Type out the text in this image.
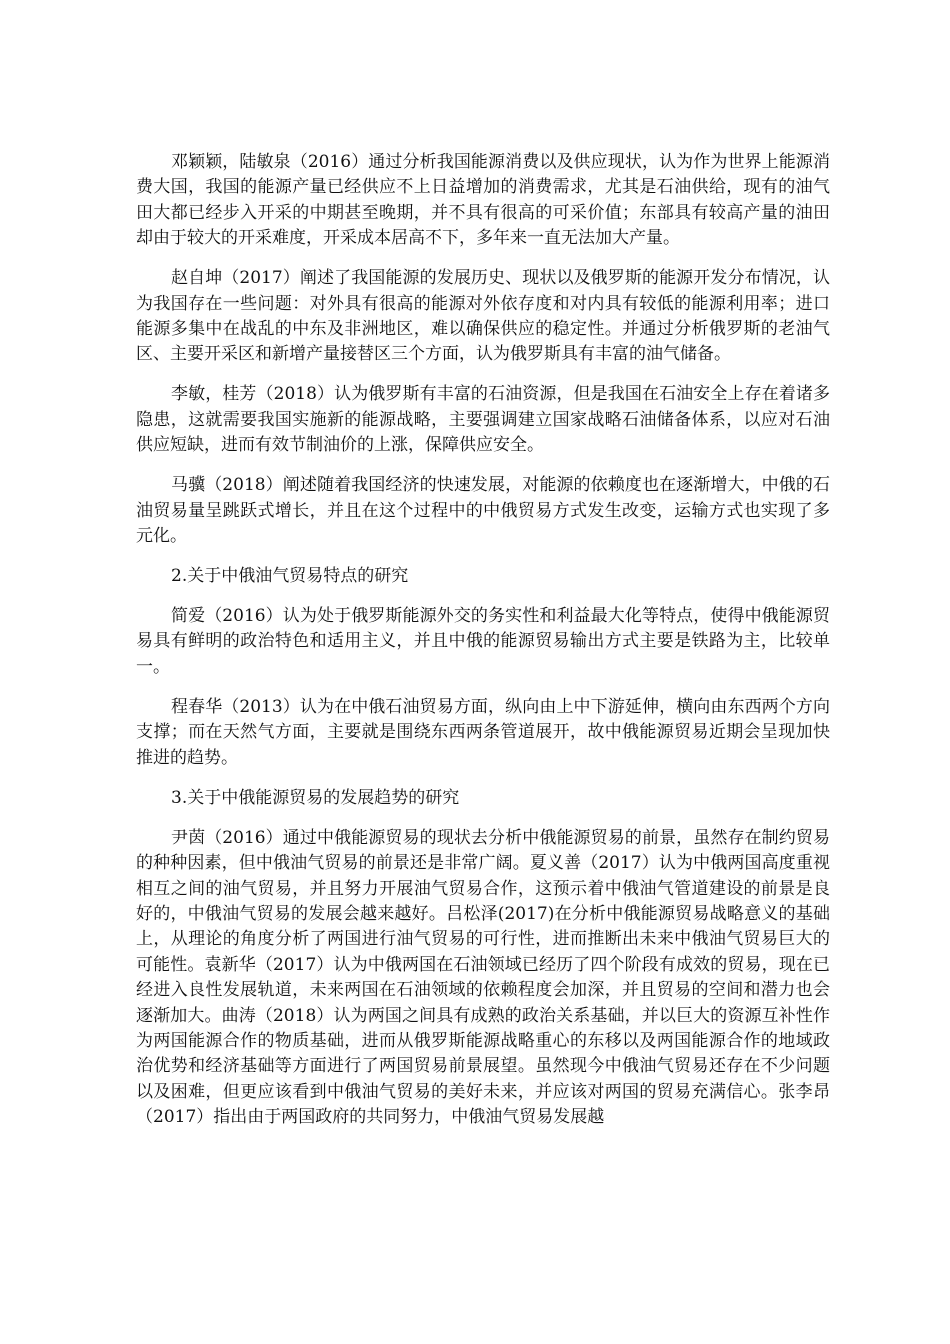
邓颖颖，陆敏泉（2016）通过分析我国能源消费以及供应现状，认为作为世界上能源消费大国，我国的能源产量已经供应不上日益增加的消费需求，尤其是石油供给，现有的油气田大都已经步入开采的中期甚至晚期，并不具有很高的可采价值；东部具有较高产量的油田却由于较大的开采难度，开采成本居高不下，多年来一直无法加大产量。

赵自坤（2017）阐述了我国能源的发展历史、现状以及俄罗斯的能源开发分布情况，认为我国存在一些问题：对外具有很高的能源对外依存度和对内具有较低的能源利用率；进口能源多集中在战乱的中东及非洲地区，难以确保供应的稳定性。并通过分析俄罗斯的老油气区、主要开采区和新增产量接替区三个方面，认为俄罗斯具有丰富的油气储备。

李敏，桂芳（2018）认为俄罗斯有丰富的石油资源，但是我国在石油安全上存在着诸多隐患，这就需要我国实施新的能源战略，主要强调建立国家战略石油储备体系，以应对石油供应短缺，进而有效节制油价的上涨，保障供应安全。

马骥（2018）阐述随着我国经济的快速发展，对能源的依赖度也在逐渐增大，中俄的石油贸易量呈跳跃式增长，并且在这个过程中的中俄贸易方式发生改变，运输方式也实现了多元化。

2.关于中俄油气贸易特点的研究

简爱（2016）认为处于俄罗斯能源外交的务实性和利益最大化等特点，使得中俄能源贸易具有鲜明的政治特色和适用主义，并且中俄的能源贸易输出方式主要是铁路为主，比较单一。

程春华（2013）认为在中俄石油贸易方面，纵向由上中下游延伸，横向由东西两个方向支撑；而在天然气方面，主要就是围绕东西两条管道展开，故中俄能源贸易近期会呈现加快推进的趋势。

3.关于中俄能源贸易的发展趋势的研究

尹茵（2016）通过中俄能源贸易的现状去分析中俄能源贸易的前景，虽然存在制约贸易的种种因素，但中俄油气贸易的前景还是非常广阔。夏义善（2017）认为中俄两国高度重视相互之间的油气贸易，并且努力开展油气贸易合作，这预示着中俄油气管道建设的前景是良好的，中俄油气贸易的发展会越来越好。吕松泽(2017)在分析中俄能源贸易战略意义的基础上，从理论的角度分析了两国进行油气贸易的可行性，进而推断出未来中俄油气贸易巨大的可能性。袁新华（2017）认为中俄两国在石油领域已经历了四个阶段有成效的贸易，现在已经进入良性发展轨道，未来两国在石油领域的依赖程度会加深，并且贸易的空间和潜力也会逐渐加大。曲涛（2018）认为两国之间具有成熟的政治关系基础，并以巨大的资源互补性作为两国能源合作的物质基础，进而从俄罗斯能源战略重心的东移以及两国能源合作的地域政治优势和经济基础等方面进行了两国贸易前景展望。虽然现今中俄油气贸易还存在不少问题以及困难，但更应该看到中俄油气贸易的美好未来，并应该对两国的贸易充满信心。张李昂（2017）指出由于两国政府的共同努力，中俄油气贸易发展越
